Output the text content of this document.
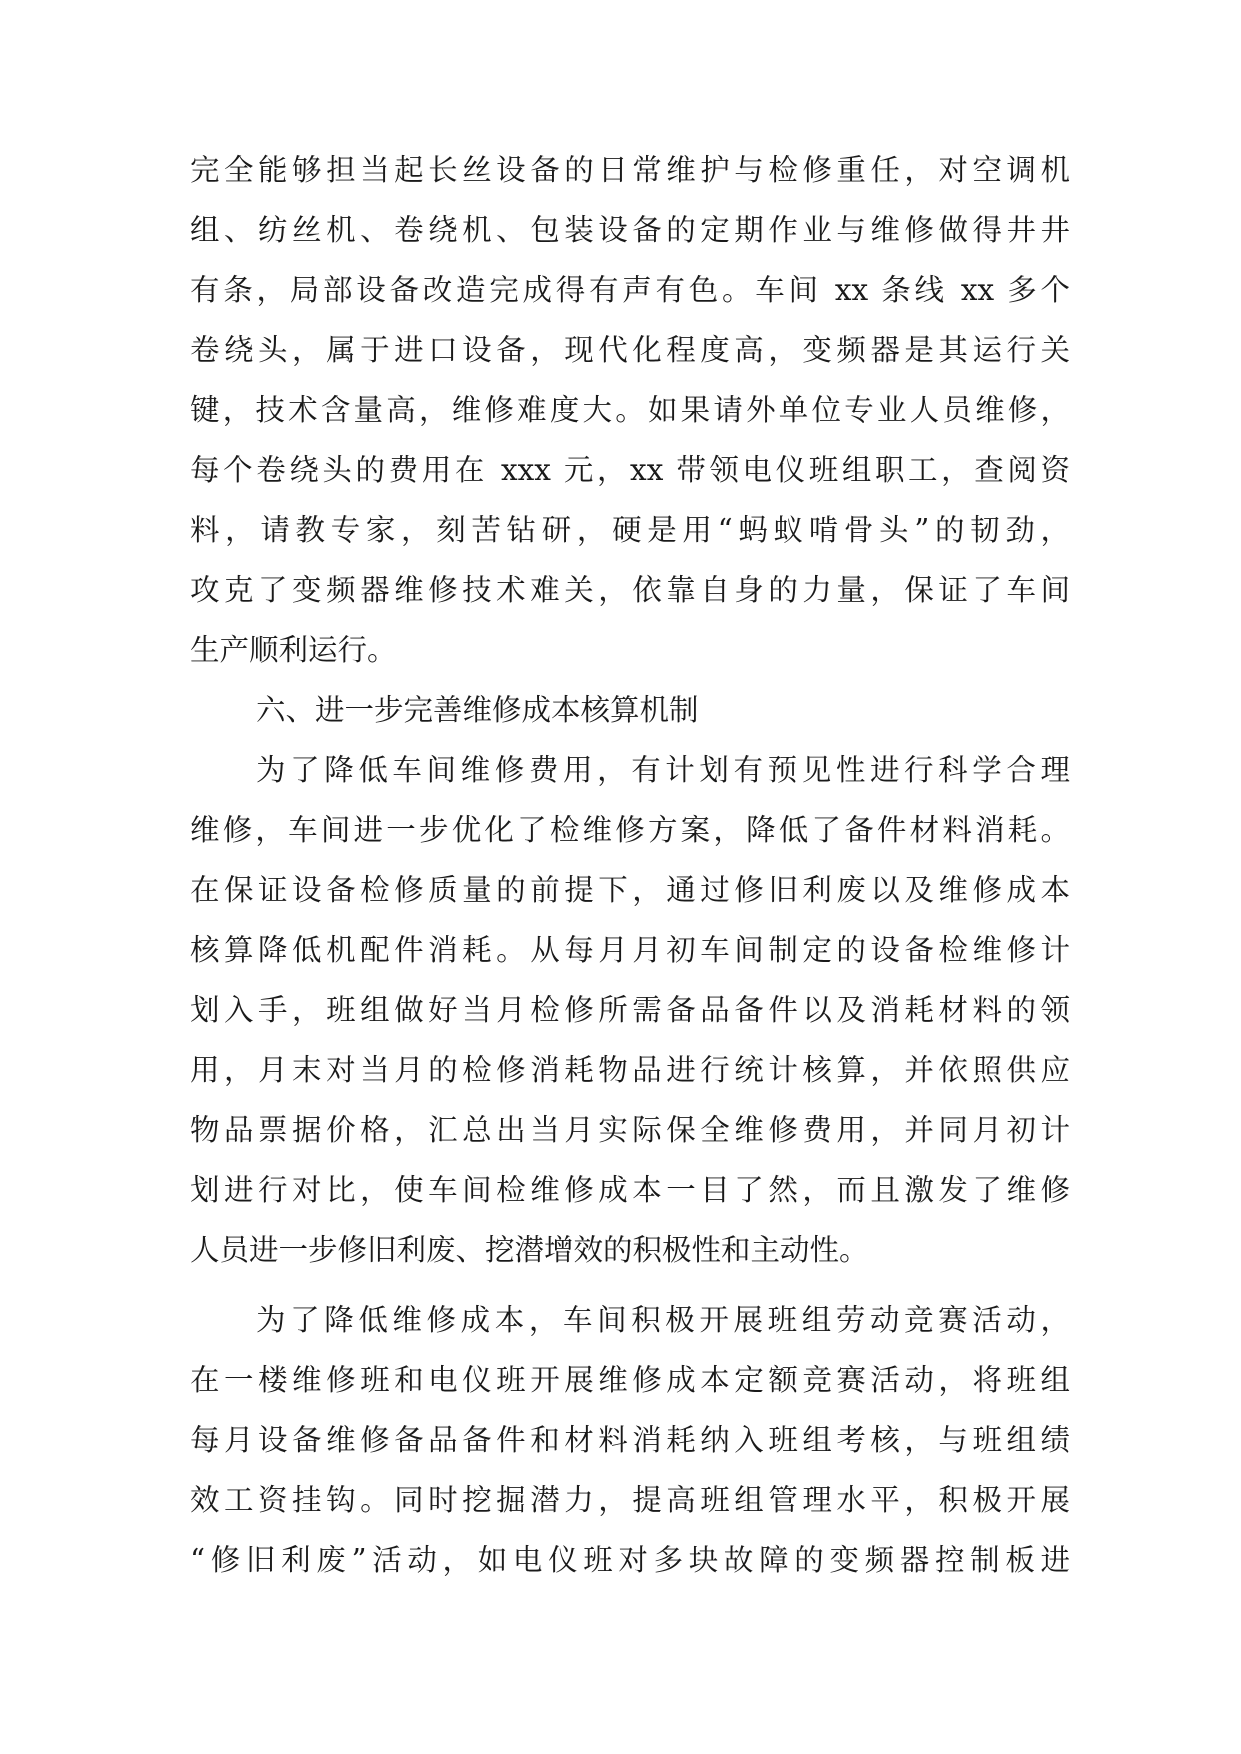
完全能够担当起长丝设备的日常维护与检修重任，对空调机
组、纺丝机、卷绕机、包装设备的定期作业与维修做得井井
有条，局部设备改造完成得有声有色。车间 xx 条线 xx 多个
卷绕头，属于进口设备，现代化程度高，变频器是其运行关
键，技术含量高，维修难度大。如果请外单位专业人员维修，
每个卷绕头的费用在 xxx 元，xx 带领电仪班组职工，查阅资
料，请教专家，刻苦钻研，硬是用“蚂蚁啃骨头”的韧劲，
攻克了变频器维修技术难关，依靠自身的力量，保证了车间
生产顺利运行。
六、进一步完善维修成本核算机制
为了降低车间维修费用，有计划有预见性进行科学合理
维修，车间进一步优化了检维修方案，降低了备件材料消耗。
在保证设备检修质量的前提下，通过修旧利废以及维修成本
核算降低机配件消耗。从每月月初车间制定的设备检维修计
划入手，班组做好当月检修所需备品备件以及消耗材料的领
用，月末对当月的检修消耗物品进行统计核算，并依照供应
物品票据价格，汇总出当月实际保全维修费用，并同月初计
划进行对比，使车间检维修成本一目了然，而且激发了维修
人员进一步修旧利废、挖潜增效的积极性和主动性。
为了降低维修成本，车间积极开展班组劳动竞赛活动，
在一楼维修班和电仪班开展维修成本定额竞赛活动，将班组
每月设备维修备品备件和材料消耗纳入班组考核，与班组绩
效工资挂钩。同时挖掘潜力，提高班组管理水平，积极开展
“修旧利废”活动，如电仪班对多块故障的变频器控制板进
